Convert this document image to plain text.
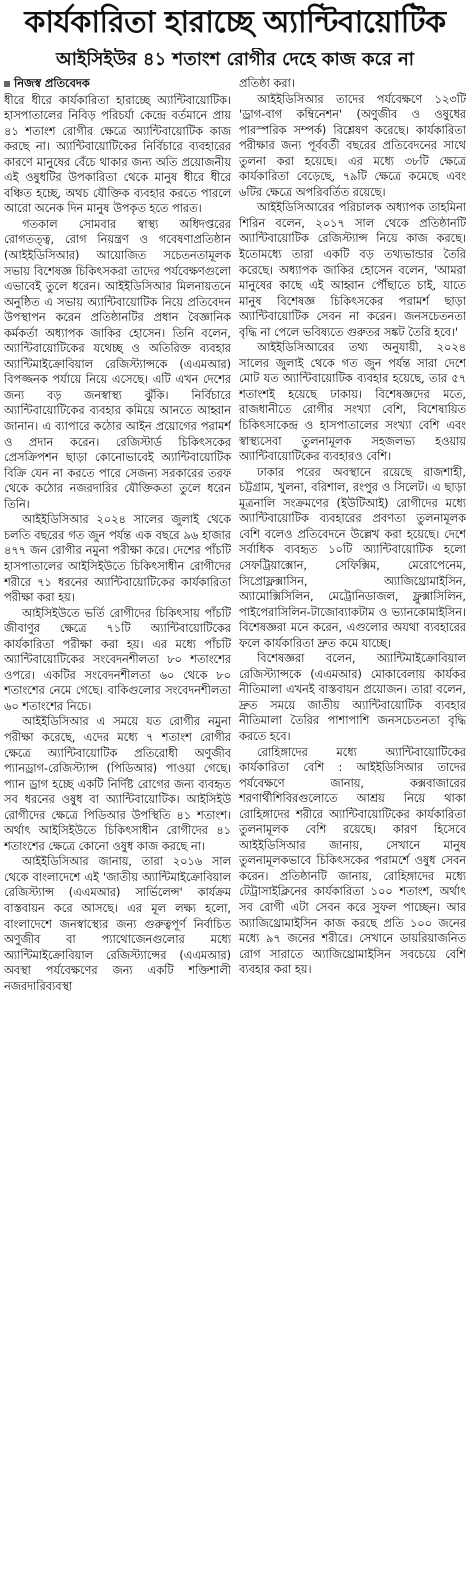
কার্যকারিতা হারাচ্ছে অ্যান্টিবায়োটিক
আইসিইউর ৪১ শতাংশ রোগীর দেহে কাজ করে না
নিজস্ব প্রতিবেদক

ধীরে ধীরে কার্যকারিতা হারাচ্ছে অ্যান্টিবায়োটিক। হাসপাতালের নিবিড় পরিচর্যা কেন্দ্রে বর্তমানে প্রায় ৪১ শতাংশ রোগীর ক্ষেত্রে অ্যান্টিবায়োটিক কাজ করছে না। অ্যান্টিবায়োটিকের নির্বিচারে ব্যবহারের কারণে মানুষের বেঁচে থাকার জন্য অতি প্রয়োজনীয় এই ওষুধটির উপকারিতা থেকে মানুষ ধীরে ধীরে বঞ্চিত হচ্ছে, অথচ যৌক্তিক ব্যবহার করতে পারলে আরো অনেক দিন মানুষ উপকৃত হতে পারত।

গতকাল সোমবার স্বাস্থ্য অধিদপ্তরের রোগতত্ত্ব, রোগ নিয়ন্ত্রণ ও গবেষণাপ্রতিষ্ঠান (আইইডিসিআর) আয়োজিত সচেতনতামূলক সভায় বিশেষজ্ঞ চিকিৎসকরা তাদের পর্যবেক্ষণগুলো এভাবেই তুলে ধরেন। আইইডিসিআর মিলনায়তনে অনুষ্ঠিত এ সভায় অ্যান্টিবায়োটিক নিয়ে প্রতিবেদন উপস্থাপন করেন প্রতিষ্ঠানটির প্রধান বৈজ্ঞানিক কর্মকর্তা অধ্যাপক জাকির হোসেন। তিনি বলেন, অ্যান্টিবায়োটিকের যথেচ্ছ ও অতিরিক্ত ব্যবহার অ্যান্টিমাইক্রোবিয়াল রেজিস্ট্যান্সকে (এএমআর) বিপজ্জনক পর্যায়ে নিয়ে এসেছে। এটি এখন দেশের জন্য বড় জনস্বাস্থ্য ঝুঁকি। নির্বিচারে অ্যান্টিবায়োটিকের ব্যবহার কমিয়ে আনতে আহ্বান জানান। এ ব্যাপারে কঠোর আইন প্রয়োগের পরামর্শ ও প্রদান করেন। রেজিস্টার্ড চিকিৎসকের প্রেসক্রিপশন ছাড়া কোনোভাবেই অ্যান্টিবায়োটিক বিক্রি যেন না করতে পারে সেজন্য সরকারের তরফ থেকে কঠোর নজরদারির যৌক্তিকতা তুলে ধরেন তিনি।

আইইডিসিআর ২০২৪ সালের জুলাই থেকে চলতি বছরের গত জুন পর্যন্ত এক বছরে ৯৬ হাজার ৪৭৭ জন রোগীর নমুনা পরীক্ষা করে। দেশের পাঁচটি হাসপাতালের আইসিইউতে চিকিৎসাধীন রোগীদের শরীরে ৭১ ধরনের অ্যান্টিবায়োটিকের কার্যকারিতা পরীক্ষা করা হয়।

আইসিইউতে ভর্তি রোগীদের চিকিৎসায় পাঁচটি জীবাণুর ক্ষেত্রে ৭১টি অ্যান্টিবায়োটিকের কার্যকারিতা পরীক্ষা করা হয়। এর মধ্যে পাঁচটি অ্যান্টিবায়োটিকের সংবেদনশীলতা ৮০ শতাংশের ওপরে। একটির সংবেদনশীলতা ৬০ থেকে ৮০ শতাংশের নেমে গেছে। বাকিগুলোর সংবেদনশীলতা ৬০ শতাংশের নিচে।

আইইডিসিআর এ সময়ে যত রোগীর নমুনা পরীক্ষা করেছে, এদের মধ্যে ৭ শতাংশ রোগীর ক্ষেত্রে অ্যান্টিবায়োটিক প্রতিরোধী অণুজীব প্যানড্রাগ-রেজিস্ট্যান্স (পিডিআর) পাওয়া গেছে। প্যান ড্রাগ হচ্ছে একটি নির্দিষ্ট রোগের জন্য ব্যবহৃত সব ধরনের ওষুধ বা অ্যান্টিবায়োটিক। আইসিইউ রোগীদের ক্ষেত্রে পিডিআর উপস্থিতি ৪১ শতাংশ। অর্থাৎ আইসিইউতে চিকিৎসাধীন রোগীদের ৪১ শতাংশের ক্ষেত্রে কোনো ওষুধ কাজ করছে না।

আইইডিসিআর জানায়, তারা ২০১৬ সাল থেকে বাংলাদেশে এই 'জাতীয় অ্যান্টিমাইক্রোবিয়াল রেজিস্ট্যান্স (এএমআর) সার্ভিলেন্স' কার্যক্রম বাস্তবায়ন করে আসছে। এর মূল লক্ষ্য হলো, বাংলাদেশে জনস্বাস্থ্যের জন্য গুরুত্বপূর্ণ নির্বাচিত অণুজীব বা প্যাথোজেনগুলোর মধ্যে অ্যান্টিমাইক্রোবিয়াল রেজিস্ট্যান্সের (এএমআর) অবস্থা পর্যবেক্ষণের জন্য একটি শক্তিশালী নজরদারিব্যবস্থা

প্রতিষ্ঠা করা।

আইইডিসিআর তাদের পর্যবেক্ষণে ১২৩টি 'ড্রাগ-বাগ কম্বিনেশন' (অণুজীব ও ওষুধের পারস্পরিক সম্পর্ক) বিশ্লেষণ করেছে। কার্যকারিতা পরীক্ষার জন্য পূর্ববর্তী বছরের প্রতিবেদনের সাথে তুলনা করা হয়েছে। এর মধ্যে ৩৮টি ক্ষেত্রে কার্যকারিতা বেড়েছে, ৭৯টি ক্ষেত্রে কমেছে এবং ৬টির ক্ষেত্রে অপরিবর্তিত রয়েছে।

আইইডিসিআরের পরিচালক অধ্যাপক তাহমিনা শিরিন বলেন, ২০১৭ সাল থেকে প্রতিষ্ঠানটি অ্যান্টিবায়োটিক রেজিস্ট্যান্স নিয়ে কাজ করছে। ইতোমধ্যে তারা একটি বড় তথ্যভান্ডার তৈরি করেছে। অধ্যাপক জাকির হোসেন বলেন, 'আমরা মানুষের কাছে এই আহ্বান পৌঁছাতে চাই, যাতে মানুষ বিশেষজ্ঞ চিকিৎসকের পরামর্শ ছাড়া অ্যান্টিবায়োটিক সেবন না করেন। জনসচেতনতা বৃদ্ধি না পেলে ভবিষ্যতে গুরুতর সঙ্কট তৈরি হবে।'

আইইডিসিআরের তথ্য অনুযায়ী, ২০২৪ সালের জুলাই থেকে গত জুন পর্যন্ত সারা দেশে মোট যত অ্যান্টিবায়োটিক ব্যবহার হয়েছে, তার ৫৭ শতাংশই হয়েছে ঢাকায়। বিশেষজ্ঞদের মতে, রাজধানীতে রোগীর সংখ্যা বেশি, বিশেষায়িত চিকিৎসাকেন্দ্র ও হাসপাতালের সংখ্যা বেশি এবং স্বাস্থ্যসেবা তুলনামূলক সহজলভ্য হওয়ায় অ্যান্টিবায়োটিকের ব্যবহারও বেশি।

ঢাকার পরের অবস্থানে রয়েছে রাজশাহী, চট্টগ্রাম, খুলনা, বরিশাল, রংপুর ও সিলেট। এ ছাড়া মূত্রনালি সংক্রমণের (ইউটিআই) রোগীদের মধ্যে অ্যান্টিবায়োটিক ব্যবহারের প্রবণতা তুলনামূলক বেশি বলেও প্রতিবেদনে উল্লেখ করা হয়েছে। দেশে সর্বাধিক ব্যবহৃত ১০টি অ্যান্টিবায়োটিক হলো সেফট্রিয়াক্সোন, সেফিক্সিম, মেরোপেনেম, সিপ্রোফ্লক্সাসিন, অ্যাজিথ্রোমাইসিন, অ্যামোক্সিসিলিন, মেট্রোনিডাজল, ফ্লুক্সাসিলিন, পাইপেরাসিলিন-টাজোব্যাকটাম ও ভ্যানকোমাইসিন। বিশেষজ্ঞরা মনে করেন, এগুলোর অযথা ব্যবহারের ফলে কার্যকারিতা দ্রুত কমে যাচ্ছে।

বিশেষজ্ঞরা বলেন, অ্যান্টিমাইক্রোবিয়াল রেজিস্ট্যান্সকে (এএমআর) মোকাবেলায় কার্যকর নীতিমালা এখনই বাস্তবায়ন প্রয়োজন। তারা বলেন, দ্রুত সময়ে জাতীয় অ্যান্টিবায়োটিক ব্যবহার নীতিমালা তৈরির পাশাপাশি জনসচেতনতা বৃদ্ধি করতে হবে।

রোহিঙ্গাদের মধ্যে অ্যান্টিবায়োটিকের কার্যকারিতা বেশি : আইইডিসিআর তাদের পর্যবেক্ষণে জানায়, কক্সবাজারের শরণার্থীশিবিরগুলোতে আশ্রয় নিয়ে থাকা রোহিঙ্গাদের শরীরে অ্যান্টিবায়োটিকের কার্যকারিতা তুলনামূলক বেশি রয়েছে। কারণ হিসেবে আইইডিসিআর জানায়, সেখানে মানুষ তুলনামূলকভাবে চিকিৎসকের পরামর্শে ওষুধ সেবন করেন। প্রতিষ্ঠানটি জানায়, রোহিঙ্গাদের মধ্যে টেট্রাসাইক্লিনের কার্যকারিতা ১০০ শতাংশ, অর্থাৎ সব রোগী এটা সেবন করে সুফল পাচ্ছেন। আর অ্যাজিথ্রোমাইসিন কাজ করছে প্রতি ১০০ জনের মধ্যে ৯৭ জনের শরীরে। সেখানে ডায়রিয়াজনিত রোগ সারাতে অ্যাজিথ্রোমাইসিন সবচেয়ে বেশি ব্যবহার করা হয়।
